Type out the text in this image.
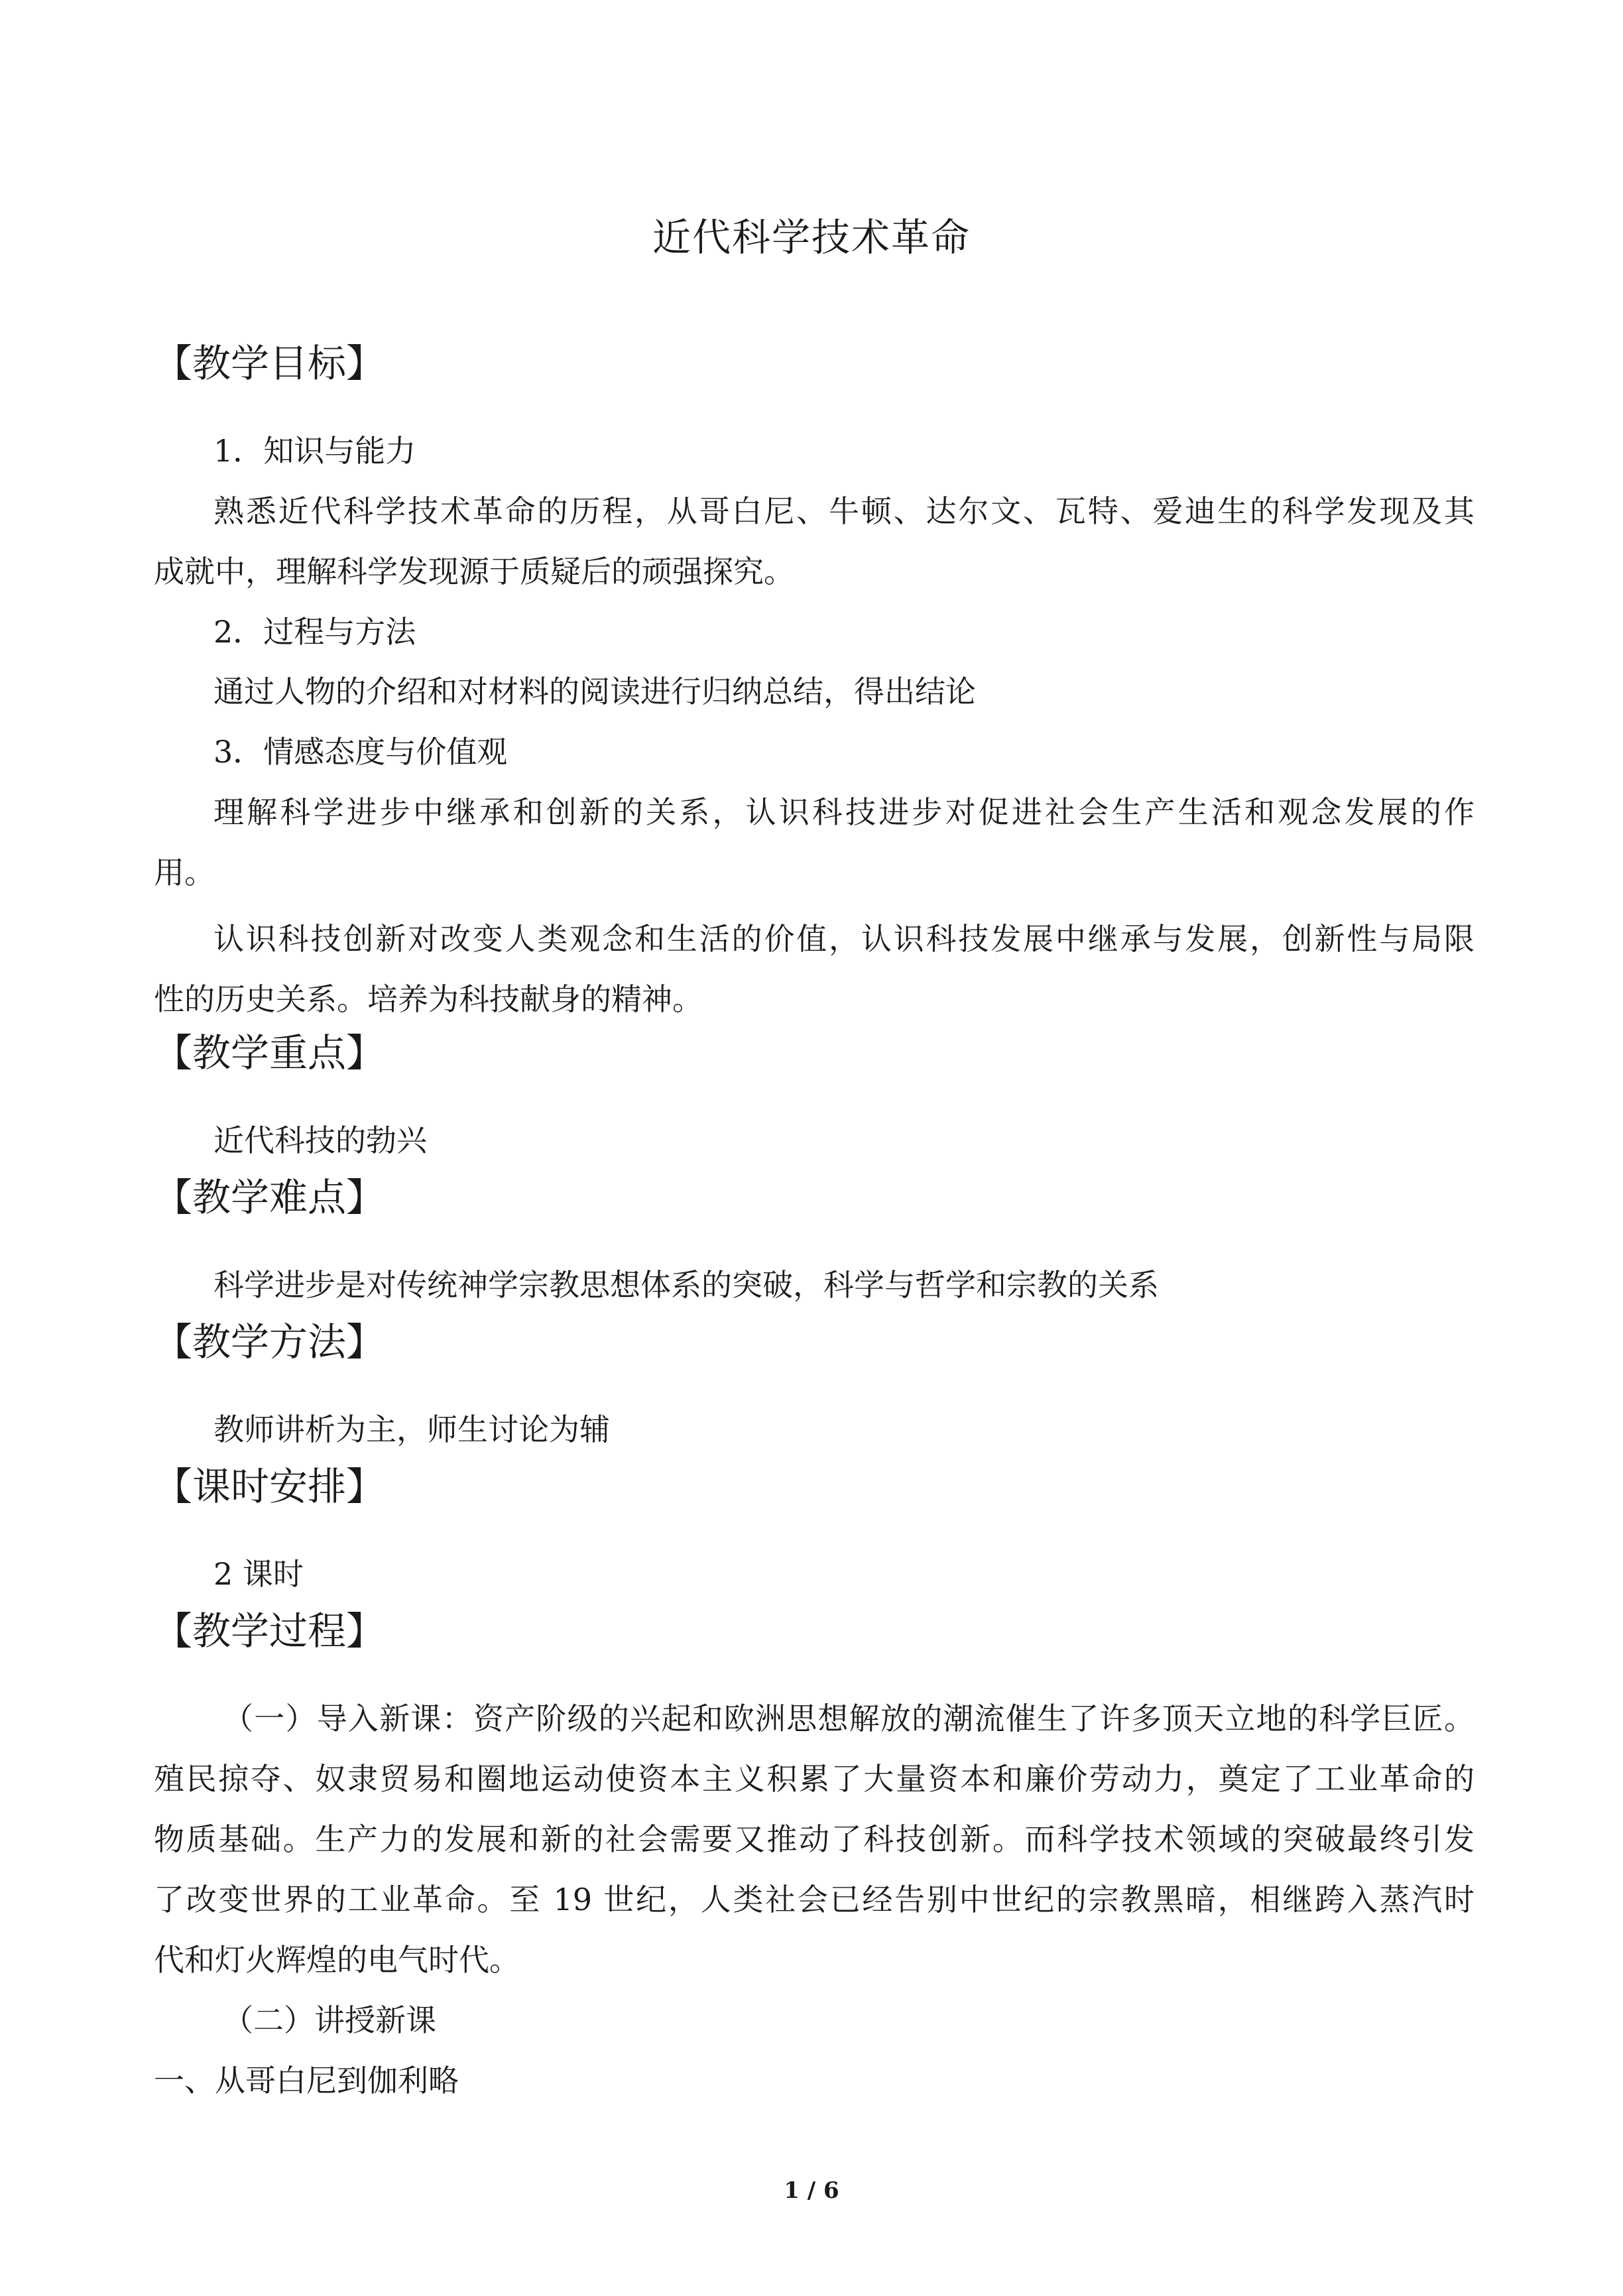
近代科学技术革命
【教学目标】
1．知识与能力
熟悉近代科学技术革命的历程，从哥白尼、牛顿、达尔文、瓦特、爱迪生的科学发现及其
成就中，理解科学发现源于质疑后的顽强探究。
2．过程与方法
通过人物的介绍和对材料的阅读进行归纳总结，得出结论
3．情感态度与价值观
理解科学进步中继承和创新的关系，认识科技进步对促进社会生产生活和观念发展的作
用。
认识科技创新对改变人类观念和生活的价值，认识科技发展中继承与发展，创新性与局限
性的历史关系。培养为科技献身的精神。
【教学重点】
近代科技的勃兴
【教学难点】
科学进步是对传统神学宗教思想体系的突破，科学与哲学和宗教的关系
【教学方法】
教师讲析为主，师生讨论为辅
【课时安排】
2 课时
【教学过程】
（一）导入新课：资产阶级的兴起和欧洲思想解放的潮流催生了许多顶天立地的科学巨匠。
殖民掠夺、奴隶贸易和圈地运动使资本主义积累了大量资本和廉价劳动力，奠定了工业革命的
物质基础。生产力的发展和新的社会需要又推动了科技创新。而科学技术领域的突破最终引发
了改变世界的工业革命。至 19 世纪，人类社会已经告别中世纪的宗教黑暗，相继跨入蒸汽时
代和灯火辉煌的电气时代。
（二）讲授新课
一、从哥白尼到伽利略
1 / 6
